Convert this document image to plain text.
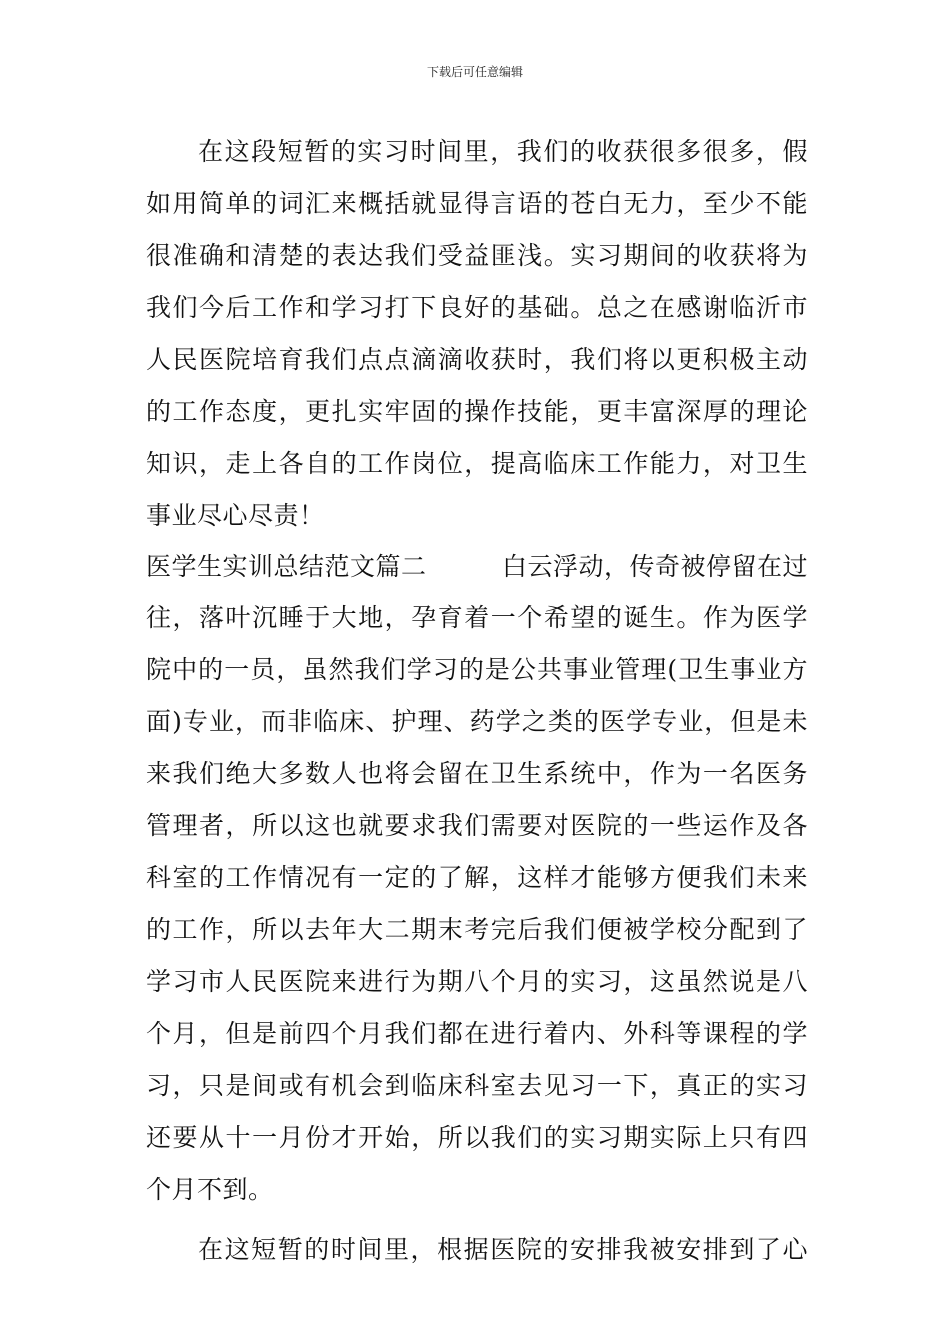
下载后可任意编辑
在这段短暂的实习时间里，我们的收获很多很多，假
如用简单的词汇来概括就显得言语的苍白无力，至少不能
很准确和清楚的表达我们受益匪浅。实习期间的收获将为
我们今后工作和学习打下良好的基础。总之在感谢临沂市
人民医院培育我们点点滴滴收获时，我们将以更积极主动
的工作态度，更扎实牢固的操作技能，更丰富深厚的理论
知识，走上各自的工作岗位，提高临床工作能力，对卫生
事业尽心尽责！
医学生实训总结范文篇二	白云浮动，传奇被停留在过
往，落叶沉睡于大地，孕育着一个希望的诞生。作为医学
院中的一员，虽然我们学习的是公共事业管理(卫生事业方
面)专业，而非临床、护理、药学之类的医学专业，但是未
来我们绝大多数人也将会留在卫生系统中，作为一名医务
管理者，所以这也就要求我们需要对医院的一些运作及各
科室的工作情况有一定的了解，这样才能够方便我们未来
的工作，所以去年大二期末考完后我们便被学校分配到了
学习市人民医院来进行为期八个月的实习，这虽然说是八
个月，但是前四个月我们都在进行着内、外科等课程的学
习，只是间或有机会到临床科室去见习一下，真正的实习
还要从十一月份才开始，所以我们的实习期实际上只有四
个月不到。
在这短暂的时间里，根据医院的安排我被安排到了心
